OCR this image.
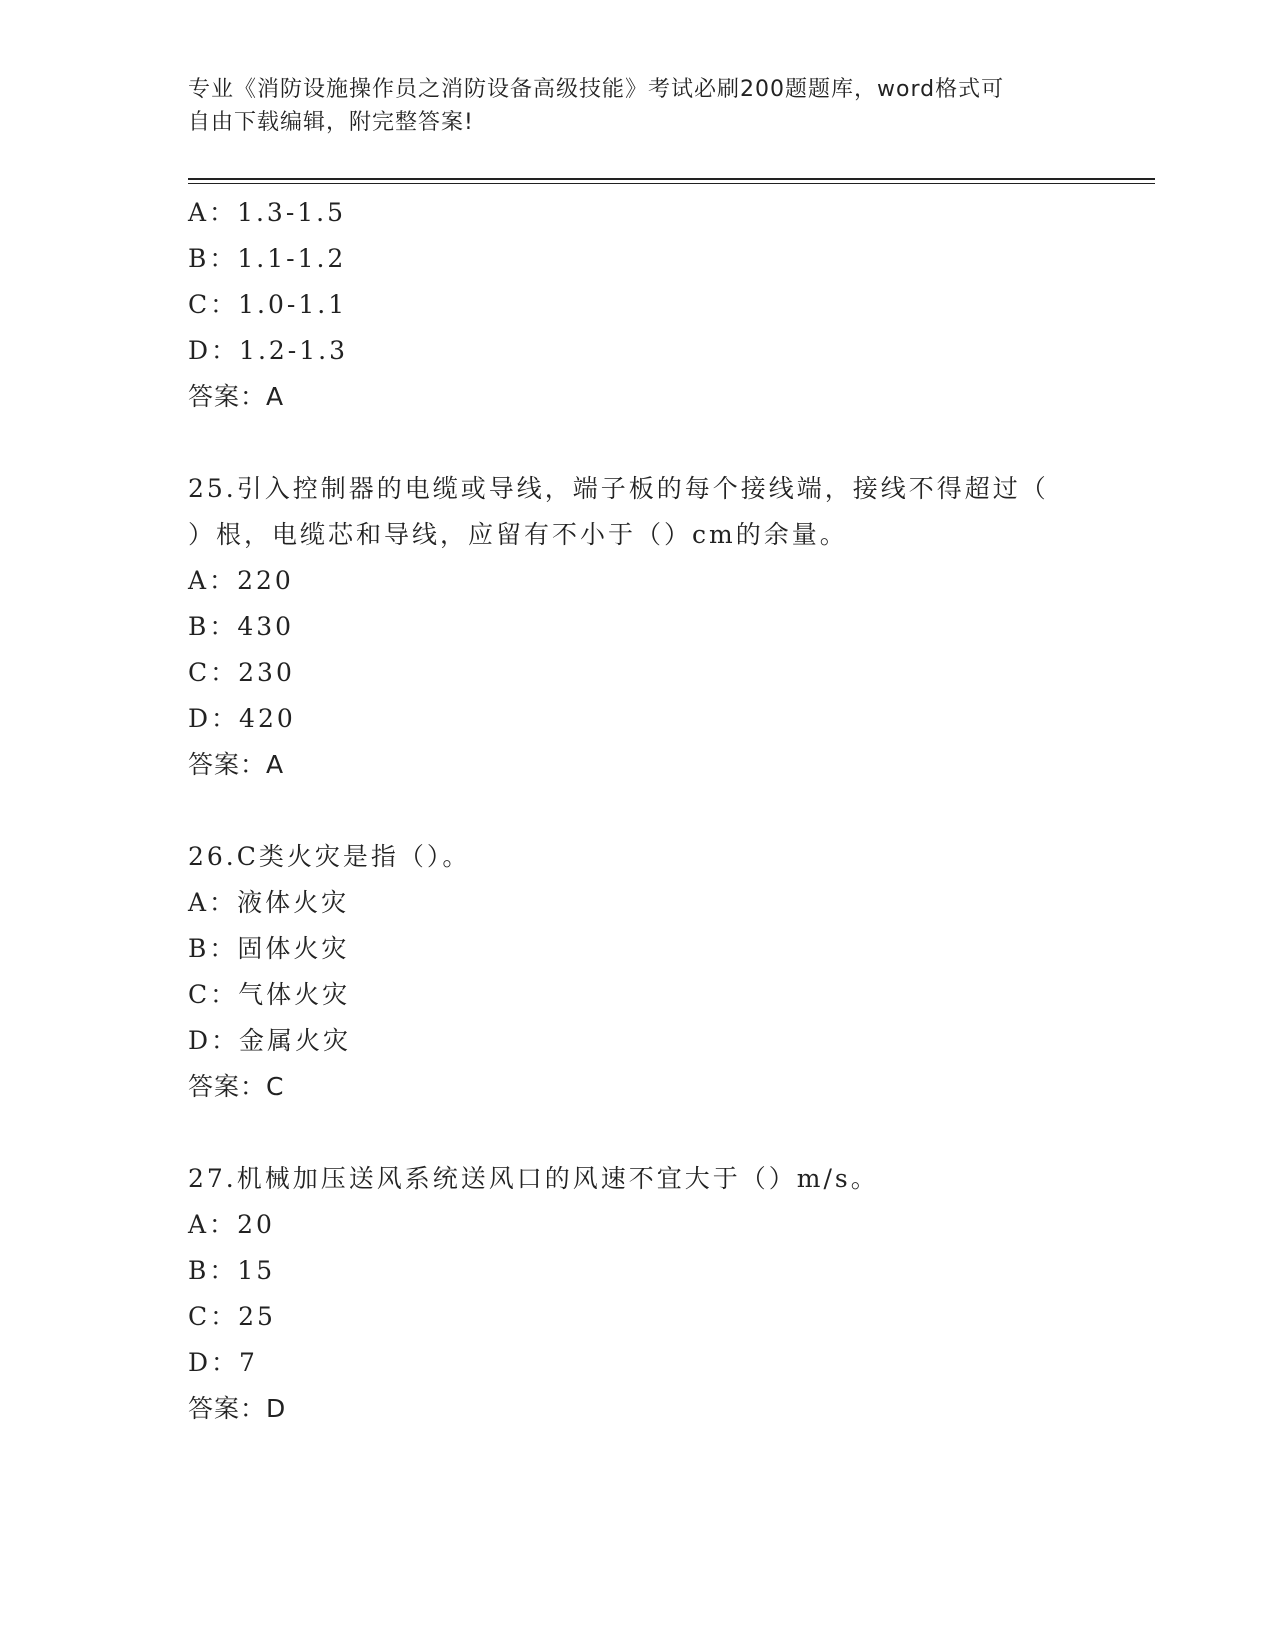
专业《消防设施操作员之消防设备高级技能》考试必刷200题题库，word格式可
自由下载编辑，附完整答案!
A：1.3-1.5
B：1.1-1.2
C：1.0-1.1
D：1.2-1.3
答案：A
25.引入控制器的电缆或导线，端子板的每个接线端，接线不得超过（
）根，电缆芯和导线，应留有不小于（）cm的余量。
A：220
B：430
C：230
D：420
答案：A
26.C类火灾是指（）。
A：液体火灾
B：固体火灾
C：气体火灾
D：金属火灾
答案：C
27.机械加压送风系统送风口的风速不宜大于（）m/s。
A：20
B：15
C：25
D：7
答案：D
